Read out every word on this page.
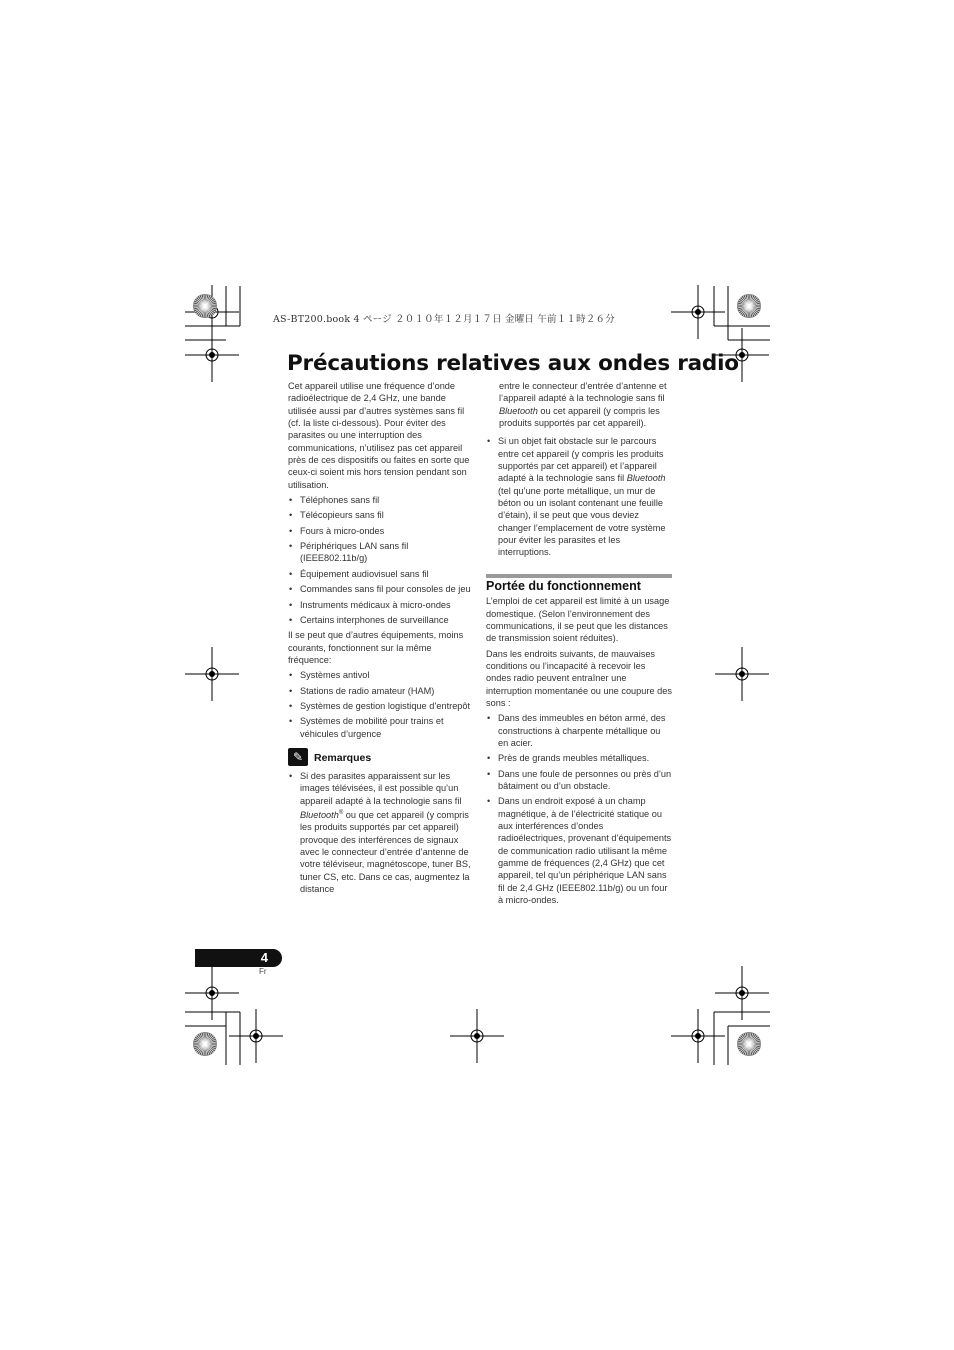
AS-BT200.book 4 ページ ２０１０年１２月１７日 金曜日 午前１１時２６分
Précautions relatives aux ondes radio

Cet appareil utilise une fréquence d’onde radioélectrique de 2,4 GHz, une bande utilisée aussi par d’autres systèmes sans fil (cf. la liste ci-dessous). Pour éviter des parasites ou une interruption des communications, n’utilisez pas cet appareil près de ces dispositifs ou faites en sorte que ceux-ci soient mis hors tension pendant son utilisation.

• Téléphones sans fil
• Télécopieurs sans fil
• Fours à micro-ondes
• Périphériques LAN sans fil (IEEE802.11b/g)
• Équipement audiovisuel sans fil
• Commandes sans fil pour consoles de jeu
• Instruments médicaux à micro-ondes
• Certains interphones de surveillance

Il se peut que d’autres équipements, moins courants, fonctionnent sur la même fréquence:

• Systèmes antivol
• Stations de radio amateur (HAM)
• Systèmes de gestion logistique d’entrepôt
• Systèmes de mobilité pour trains et véhicules d’urgence
✎	Remarques
• Si des parasites apparaissent sur les images télévisées, il est possible qu’un appareil adapté à la technologie sans fil
Bluetooth® ou que cet appareil (y compris les produits supportés par cet appareil) provoque des interférences de signaux avec le connecteur d’entrée d’antenne de votre téléviseur, magnétoscope, tuner BS, tuner CS, etc. Dans ce cas, augmentez la distance

entre le connecteur d’entrée d’antenne et l’appareil adapté à la technologie sans fil Bluetooth ou cet appareil (y compris les produits supportés par cet appareil).

• Si un objet fait obstacle sur le parcours entre cet appareil (y compris les produits supportés par cet appareil) et l’appareil adapté à la technologie sans fil Bluetooth (tel qu’une porte métallique, un mur de béton ou un isolant contenant une feuille d’étain), il se peut que vous deviez changer l’emplacement de votre système pour éviter les parasites et les interruptions.
Portée du fonctionnement

L’emploi de cet appareil est limité à un usage domestique. (Selon l’environnement des communications, il se peut que les distances de transmission soient réduites).

Dans les endroits suivants, de mauvaises conditions ou l’incapacité à recevoir les ondes radio peuvent entraîner une interruption momentanée ou une coupure des sons :

• Dans des immeubles en béton armé, des constructions à charpente métallique ou en acier.
• Près de grands meubles métalliques.
• Dans une foule de personnes ou près d’un bâtaiment ou d’un obstacle.
• Dans un endroit exposé à un champ magnétique, à de l’électricité statique ou aux interférences d’ondes radioélectriques, provenant d’équipements de communication radio utilisant la même gamme de fréquences (2,4 GHz) que cet appareil, tel qu’un périphérique LAN sans fil de 2,4 GHz (IEEE802.11b/g) ou un four à micro-ondes.
4
Fr
